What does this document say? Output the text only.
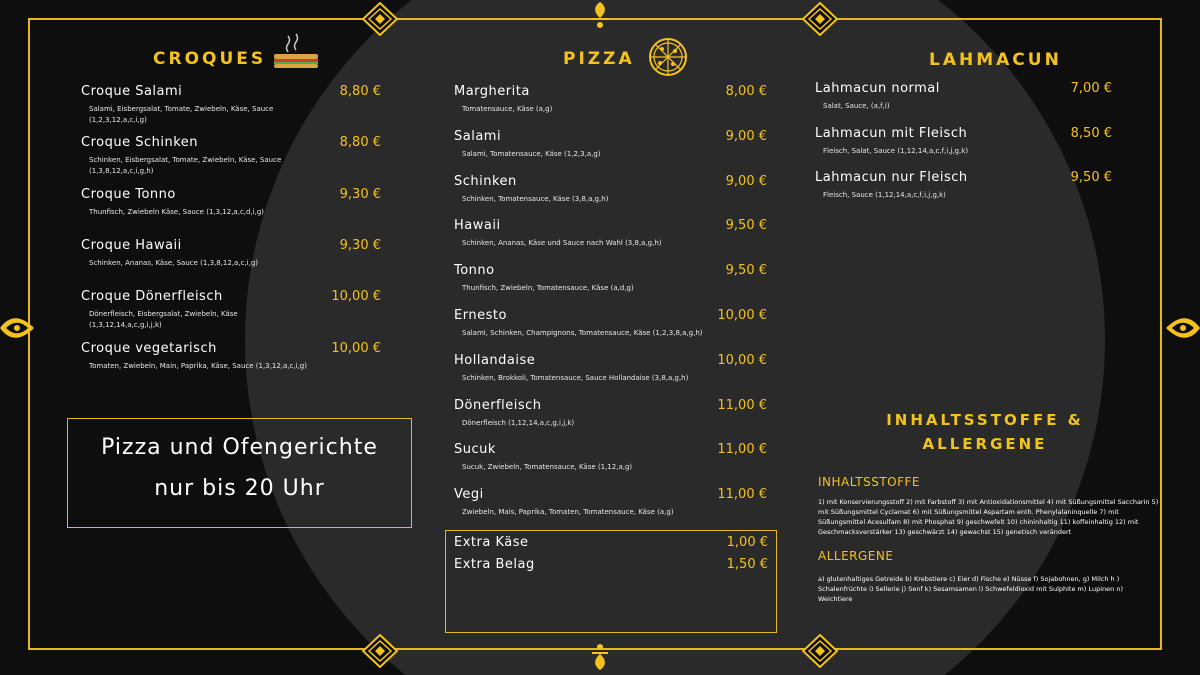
CROQUES
Croque Salami
Salami, Eisbergsalat, Tomate, Zwiebeln, Käse, Sauce
(1,2,3,12,a,c,i,g)
8,80 €
Croque Schinken
Schinken, Eisbergsalat, Tomate, Zwiebeln, Käse, Sauce
(1,3,8,12,a,c,i,g,h)
8,80 €
Croque Tonno
Thunfisch, Zwiebeln Käse, Sauce (1,3,12,a,c,d,i,g)
9,30 €
Croque Hawaii
Schinken, Ananas, Käse, Sauce (1,3,8,12,a,c,i,g)
9,30 €
Croque Dönerfleisch
Dönerfleisch, Eisbergsalat, Zwiebeln, Käse
(1,3,12,14,a,c,g,i,j,k)
10,00 €
Croque vegetarisch
Tomaten, Zwiebeln, Main, Paprika, Käse, Sauce (1,3,12,a,c,i,g)
10,00 €
Pizza und Ofengerichte
nur bis 20 Uhr
PIZZA
Margherita
Tomatensauce, Käse (a,g)
8,00 €
Salami
Salami, Tomatensauce, Käse (1,2,3,a,g)
9,00 €
Schinken
Schinken, Tomatensauce, Käse (3,8,a,g,h)
9,00 €
Hawaii
Schinken, Ananas, Käse und Sauce nach Wahl (3,8,a,g,h)
9,50 €
Tonno
Thunfisch, Zwiebeln, Tomatensauce, Käse (a,d,g)
9,50 €
Ernesto
Salami, Schinken, Champignons, Tomatensauce, Käse (1,2,3,8,a,g,h)
10,00 €
Hollandaise
Schinken, Brokkoli, Tomatensauce, Sauce Hollandaise (3,8,a,g,h)
10,00 €
Dönerfleisch
Dönerfleisch (1,12,14,a,c,g,i,j,k)
11,00 €
Sucuk
Sucuk, Zwiebeln, Tomatensauce, Käse (1,12,a,g)
11,00 €
Vegi
Zwiebeln, Mais, Paprika, Tomaten, Tomatensauce, Käse (a,g)
11,00 €
Extra Käse	1,00 €
Extra Belag	1,50 €
LAHMACUN
Lahmacun normal
Salat, Sauce, (a,f,i)
7,00 €
Lahmacun mit Fleisch
Fleisch, Salat, Sauce (1,12,14,a,c,f,i,j,g,k)
8,50 €
Lahmacun nur Fleisch
Fleisch, Sauce (1,12,14,a,c,f,i,j,g,k)
9,50 €
INHALTSSTOFFE &
ALLERGENE
INHALTSSTOFFE
1) mit Konservierungsstoff 2) mit Farbstoff 3) mit Antioxidationsmittel 4) mit Süßungsmittel Saccharin 5) mit Süßungsmittel Cyclamat 6) mit Süßungsmittel Aspartam enth. Phenylalaninquelle 7) mit Süßungsmittel Acesulfam 8) mit Phosphat 9) geschwefelt 10) chininhaltig 11) koffeinhaltig 12) mit Geschmacksverstärker 13) geschwärzt 14) gewachst 15) genetisch verändert
ALLERGENE
a) glutenhaltiges Getreide b) Krebstiere c) Eier d) Fische e) Nüsse f) Sojabohnen, g) Milch h ) Schalenfrüchte i) Sellerie j) Senf k) Sesamsamen l) Schwefeldioxid mit Sulphite m) Lupinen n) Weichtiere
